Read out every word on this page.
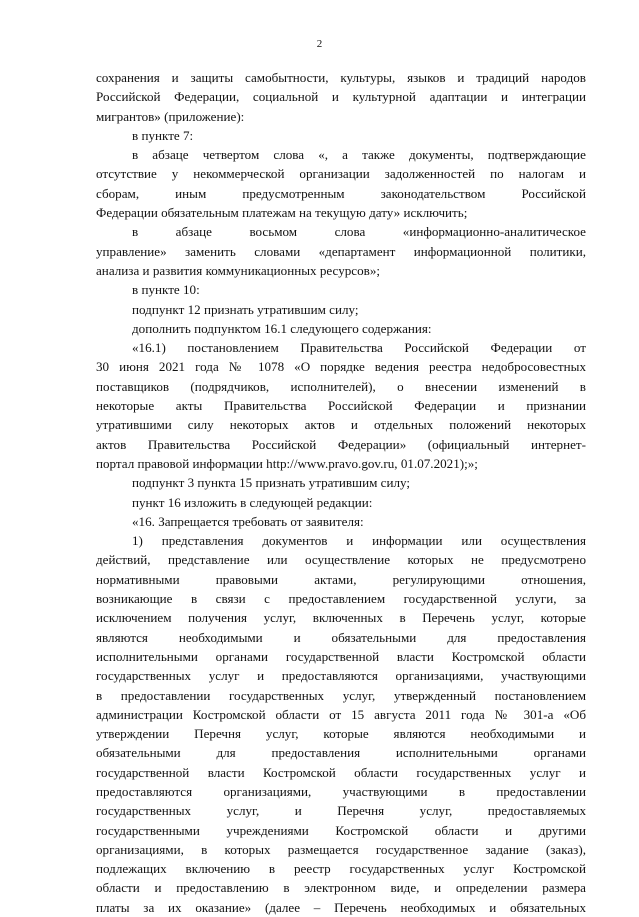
2
сохранения и защиты самобытности, культуры, языков и традиций народов
Российской Федерации, социальной и культурной адаптации и интеграции
мигрантов» (приложение):
в пункте 7:
в абзаце четвертом слова «, а также документы, подтверждающие
отсутствие у некоммерческой организации задолженностей по налогам и
сборам, иным предусмотренным законодательством Российской
Федерации обязательным платежам на текущую дату» исключить;
в абзаце восьмом слова «информационно-аналитическое
управление» заменить словами «департамент информационной политики,
анализа и развития коммуникационных ресурсов»;
в пункте 10:
подпункт 12 признать утратившим силу;
дополнить подпунктом 16.1 следующего содержания:
«16.1) постановлением Правительства Российской Федерации от
30 июня 2021 года № 1078 «О порядке ведения реестра недобросовестных
поставщиков (подрядчиков, исполнителей), о внесении изменений в
некоторые акты Правительства Российской Федерации и признании
утратившими силу некоторых актов и отдельных положений некоторых
актов Правительства Российской Федерации» (официальный интернет-
портал правовой информации http://www.pravo.gov.ru, 01.07.2021);»;
подпункт 3 пункта 15 признать утратившим силу;
пункт 16 изложить в следующей редакции:
«16. Запрещается требовать от заявителя:
1) представления документов и информации или осуществления
действий, представление или осуществление которых не предусмотрено
нормативными правовыми актами, регулирующими отношения,
возникающие в связи с предоставлением государственной услуги, за
исключением получения услуг, включенных в Перечень услуг, которые
являются необходимыми и обязательными для предоставления
исполнительными органами государственной власти Костромской области
государственных услуг и предоставляются организациями, участвующими
в предоставлении государственных услуг, утвержденный постановлением
администрации Костромской области от 15 августа 2011 года № 301-а «Об
утверждении Перечня услуг, которые являются необходимыми и
обязательными для предоставления исполнительными органами
государственной власти Костромской области государственных услуг и
предоставляются организациями, участвующими в предоставлении
государственных услуг, и Перечня услуг, предоставляемых
государственными учреждениями Костромской области и другими
организациями, в которых размещается государственное задание (заказ),
подлежащих включению в реестр государственных услуг Костромской
области и предоставлению в электронном виде, и определении размера
платы за их оказание» (далее – Перечень необходимых и обязательных
